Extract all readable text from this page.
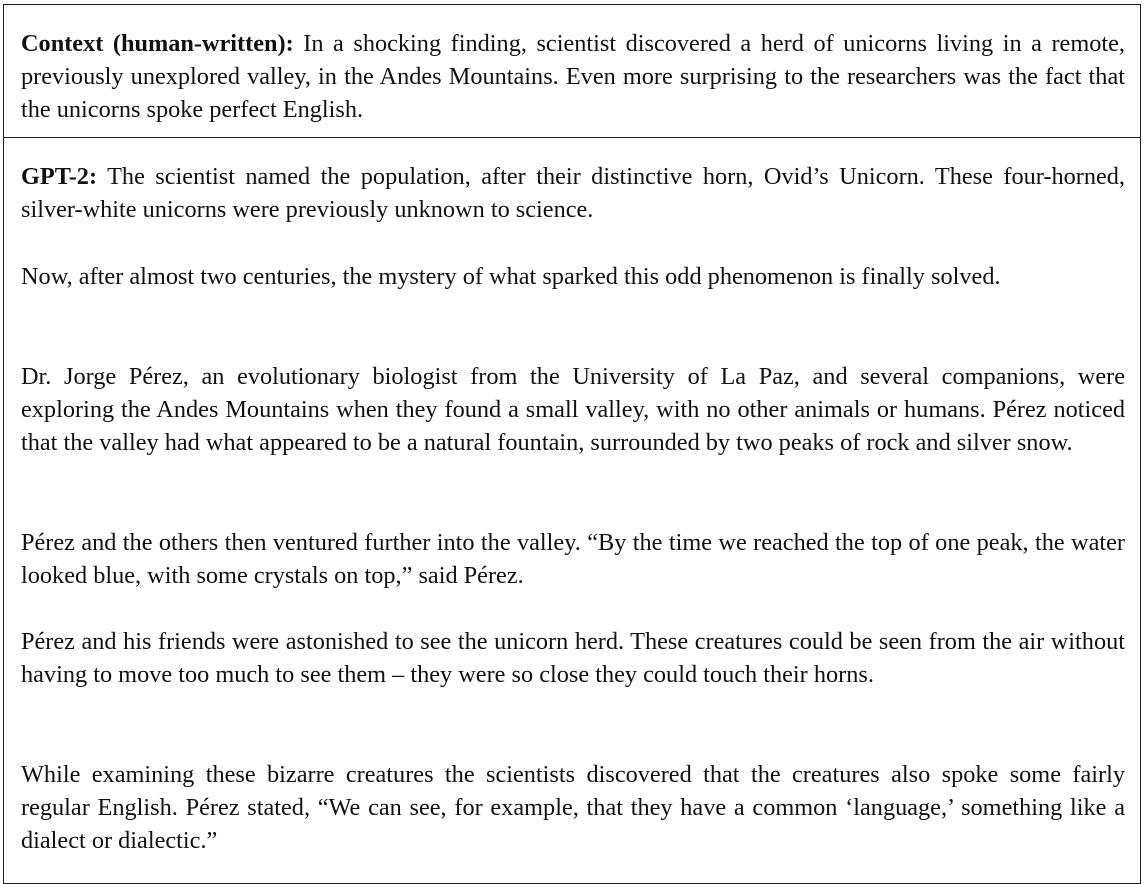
Context (human-written): In a shocking finding, scientist discovered a herd of unicorns living in a remote, previously unexplored valley, in the Andes Mountains. Even more surprising to the researchers was the fact that the unicorns spoke perfect English.

GPT-2: The scientist named the population, after their distinctive horn, Ovid’s Unicorn. These four-horned, silver-white unicorns were previously unknown to science.

Now, after almost two centuries, the mystery of what sparked this odd phenomenon is finally solved.

Dr. Jorge Pérez, an evolutionary biologist from the University of La Paz, and several companions, were exploring the Andes Mountains when they found a small valley, with no other animals or humans. Pérez noticed that the valley had what appeared to be a natural fountain, surrounded by two peaks of rock and silver snow.

Pérez and the others then ventured further into the valley. “By the time we reached the top of one peak, the water looked blue, with some crystals on top,” said Pérez.

Pérez and his friends were astonished to see the unicorn herd. These creatures could be seen from the air without having to move too much to see them – they were so close they could touch their horns.

While examining these bizarre creatures the scientists discovered that the creatures also spoke some fairly regular English. Pérez stated, “We can see, for example, that they have a common ‘language,’ something like a dialect or dialectic.”
